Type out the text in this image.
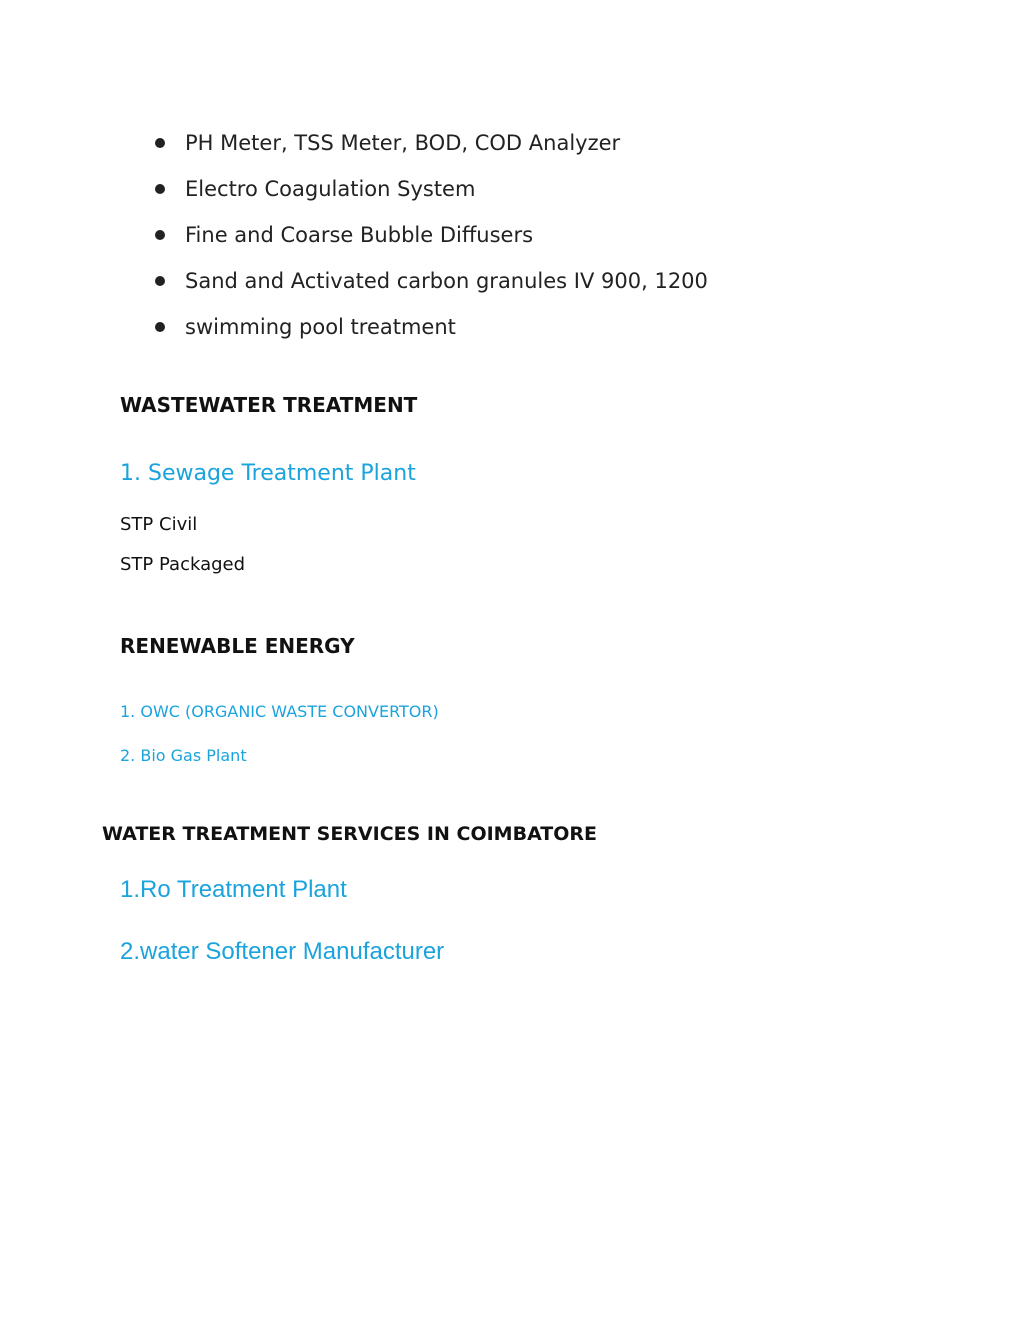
PH Meter, TSS Meter, BOD, COD Analyzer
Electro Coagulation System
Fine and Coarse Bubble Diffusers
Sand and Activated carbon granules IV 900, 1200
swimming pool treatment
WASTEWATER TREATMENT
1. Sewage Treatment Plant
STP Civil
STP Packaged
RENEWABLE ENERGY
1. OWC (ORGANIC WASTE CONVERTOR)
2. Bio Gas Plant
WATER TREATMENT SERVICES IN COIMBATORE
1.Ro Treatment Plant
2.water Softener Manufacturer
